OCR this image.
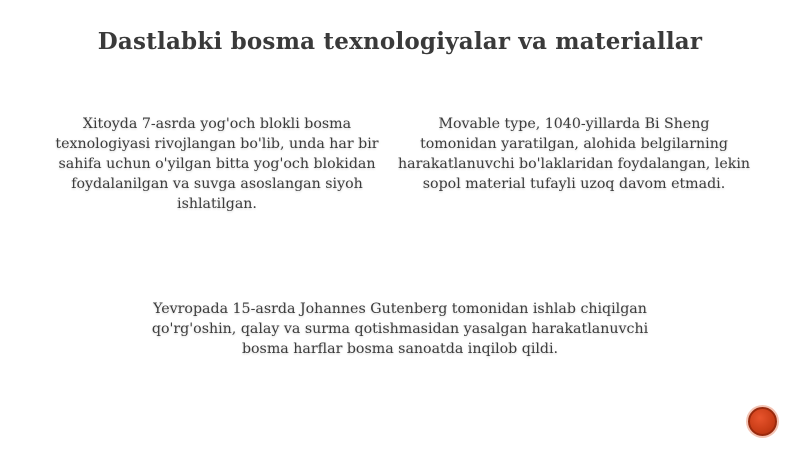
Dastlabki bosma texnologiyalar va materiallar
Xitoyda 7-asrda yog'och blokli bosma texnologiyasi rivojlangan bo'lib, unda har bir sahifa uchun o'yilgan bitta yog'och blokidan foydalanilgan va suvga asoslangan siyoh ishlatilgan.
Movable type, 1040-yillarda Bi Sheng tomonidan yaratilgan, alohida belgilarning harakatlanuvchi bo'laklaridan foydalangan, lekin sopol material tufayli uzoq davom etmadi.
Yevropada 15-asrda Johannes Gutenberg tomonidan ishlab chiqilgan qo'rg'oshin, qalay va surma qotishmasidan yasalgan harakatlanuvchi bosma harflar bosma sanoatda inqilob qildi.
